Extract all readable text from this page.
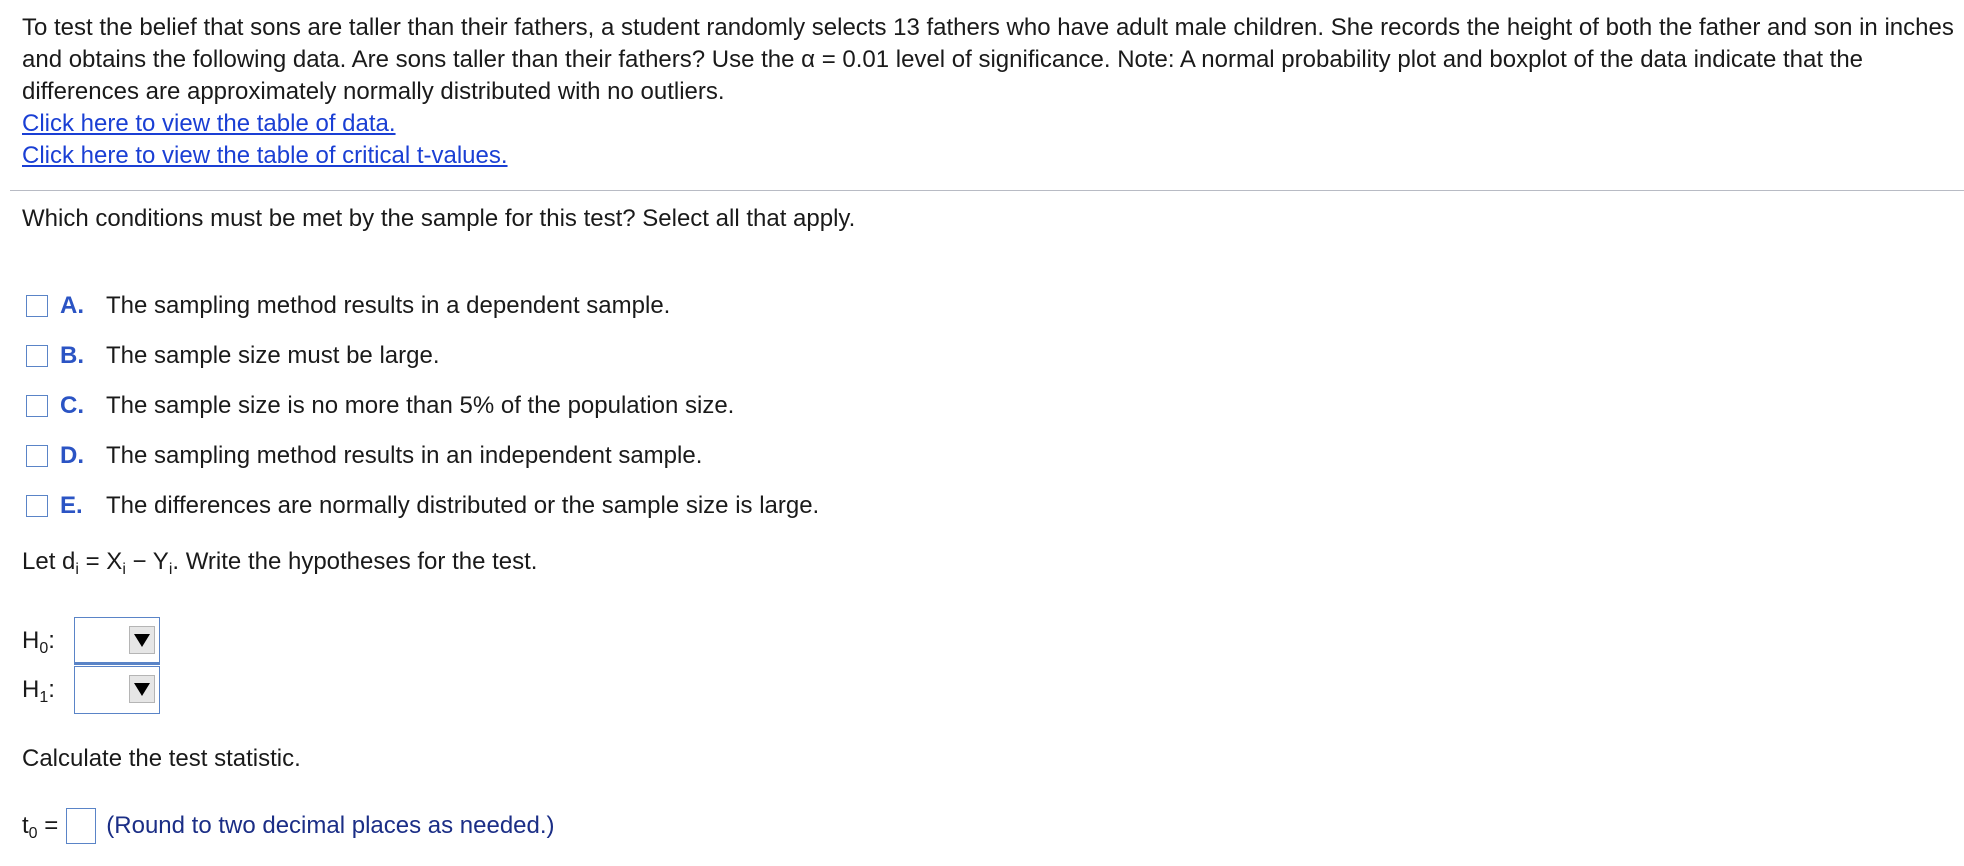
To test the belief that sons are taller than their fathers, a student randomly selects 13 fathers who have adult male children. She records the height of both the father and son in inches and obtains the following data. Are sons taller than their fathers? Use the α = 0.01 level of significance. Note: A normal probability plot and boxplot of the data indicate that the differences are approximately normally distributed with no outliers.

Click here to view the table of data.
Click here to view the table of critical t-values.

Which conditions must be met by the sample for this test? Select all that apply.

A. The sampling method results in a dependent sample.
B. The sample size must be large.
C. The sample size is no more than 5% of the population size.
D. The sampling method results in an independent sample.
E. The differences are normally distributed or the sample size is large.

Let $d_i = X_i - Y_i$. Write the hypotheses for the test.

$H_0$:
$H_1$:

Calculate the test statistic.

$t_0$ = (Round to two decimal places as needed.)
